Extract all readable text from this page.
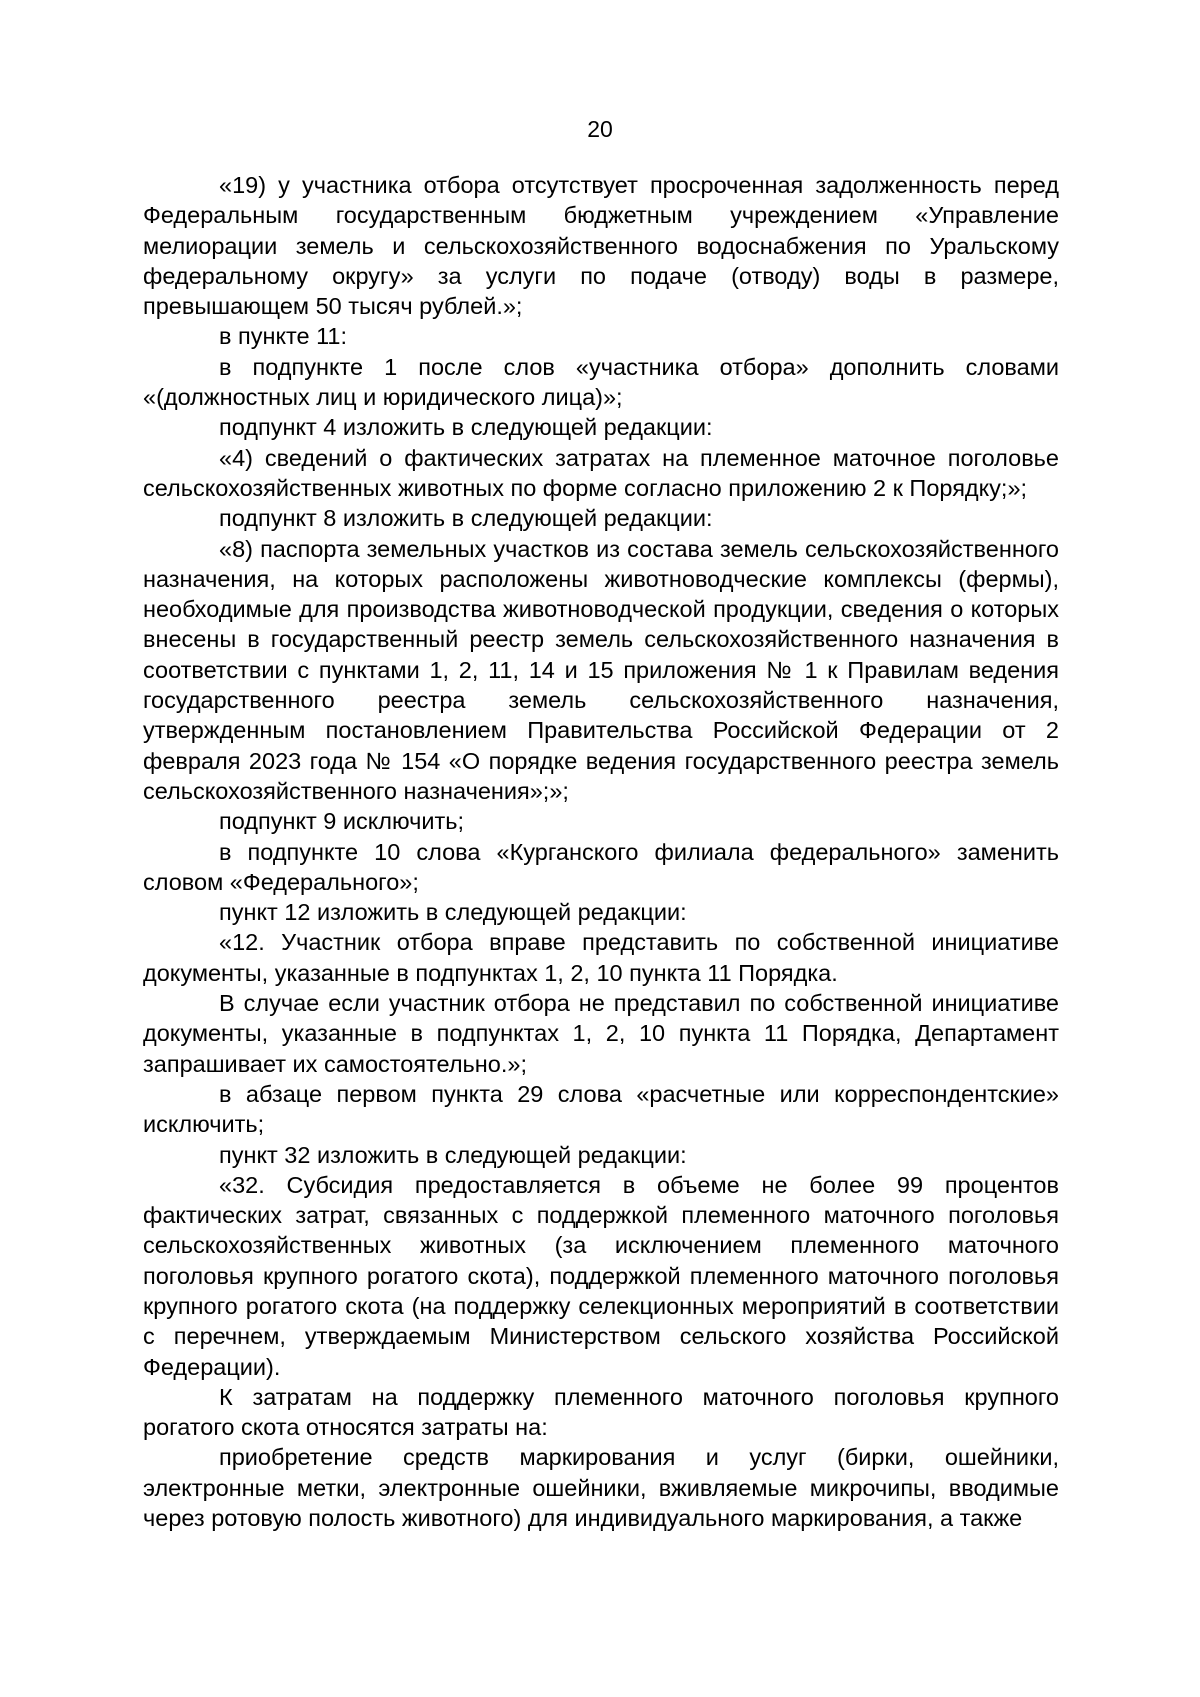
20

«19) у участника отбора отсутствует просроченная задолженность перед Федеральным государственным бюджетным учреждением «Управление мелиорации земель и сельскохозяйственного водоснабжения по Уральскому федеральному округу» за услуги по подаче (отводу) воды в размере, превышающем 50 тысяч рублей.»;

в пункте 11:

в подпункте 1 после слов «участника отбора» дополнить словами «(должностных лиц и юридического лица)»;

подпункт 4 изложить в следующей редакции:

«4) сведений о фактических затратах на племенное маточное поголовье сельскохозяйственных животных по форме согласно приложению 2 к Порядку;»;

подпункт 8 изложить в следующей редакции:

«8) паспорта земельных участков из состава земель сельскохозяйственного назначения, на которых расположены животноводческие комплексы (фермы), необходимые для производства животноводческой продукции, сведения о которых внесены в государственный реестр земель сельскохозяйственного назначения в соответствии с пунктами 1, 2, 11, 14 и 15 приложения № 1 к Правилам ведения государственного реестра земель сельскохозяйственного назначения, утвержденным постановлением Правительства Российской Федерации от 2 февраля 2023 года № 154 «О порядке ведения государственного реестра земель сельскохозяйственного назначения»;»;

подпункт 9 исключить;

в подпункте 10 слова «Курганского филиала федерального» заменить словом «Федерального»;

пункт 12 изложить в следующей редакции:

«12. Участник отбора вправе представить по собственной инициативе документы, указанные в подпунктах 1, 2, 10 пункта 11 Порядка.

В случае если участник отбора не представил по собственной инициативе документы, указанные в подпунктах 1, 2, 10 пункта 11 Порядка, Департамент запрашивает их самостоятельно.»;

в абзаце первом пункта 29 слова «расчетные или корреспондентские» исключить;

пункт 32 изложить в следующей редакции:

«32. Субсидия предоставляется в объеме не более 99 процентов фактических затрат, связанных с поддержкой племенного маточного поголовья сельскохозяйственных животных (за исключением племенного маточного поголовья крупного рогатого скота), поддержкой племенного маточного поголовья крупного рогатого скота (на поддержку селекционных мероприятий в соответствии с перечнем, утверждаемым Министерством сельского хозяйства Российской Федерации).

К затратам на поддержку племенного маточного поголовья крупного рогатого скота относятся затраты на:

приобретение средств маркирования и услуг (бирки, ошейники, электронные метки, электронные ошейники, вживляемые микрочипы, вводимые через ротовую полость животного) для индивидуального маркирования, а также
